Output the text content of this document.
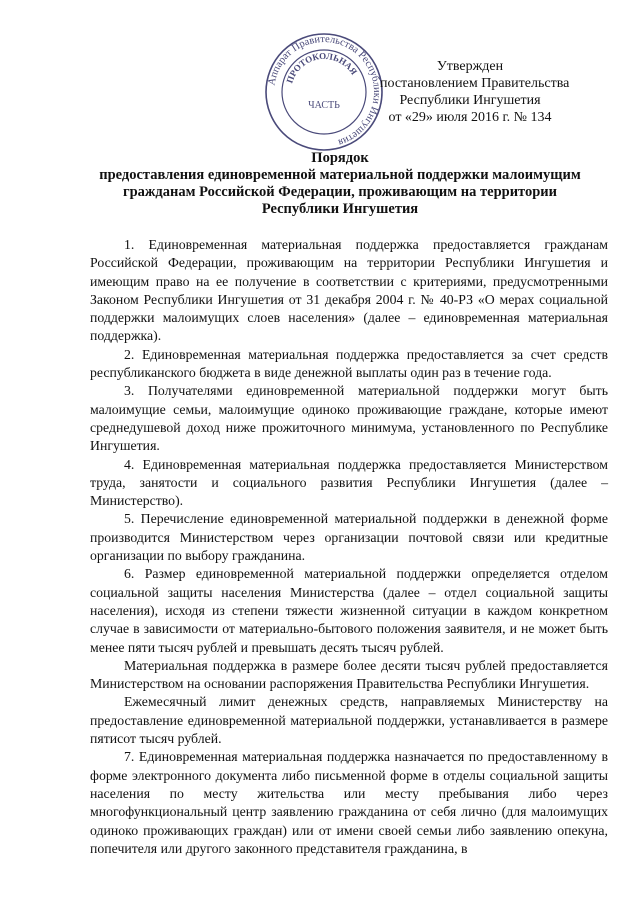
Аппарат Правительства Республики Ингушетия
ПРОТОКОЛЬНАЯ
ЧАСТЬ
Утвержден
постановлением Правительства
Республики Ингушетия
от «29» июля 2016 г. № 134
Порядок
предоставления единовременной материальной поддержки малоимущим
гражданам Российской Федерации, проживающим на территории
Республики Ингушетия

1. Единовременная материальная поддержка предоставляется гражданам Российской Федерации, проживающим на территории Республики Ингушетия и имеющим право на ее получение в соответствии с критериями, предусмотренными Законом Республики Ингушетия от 31 декабря 2004 г. № 40-РЗ «О мерах социальной поддержки малоимущих слоев населения» (далее – единовременная материальная поддержка).

2. Единовременная материальная поддержка предоставляется за счет средств республиканского бюджета в виде денежной выплаты один раз в течение года.

3. Получателями единовременной материальной поддержки могут быть малоимущие семьи, малоимущие одиноко проживающие граждане, которые имеют среднедушевой доход ниже прожиточного минимума, установленного по Республике Ингушетия.

4. Единовременная материальная поддержка предоставляется Министерством труда, занятости и социального развития Республики Ингушетия (далее – Министерство).

5. Перечисление единовременной материальной поддержки в денежной форме производится Министерством через организации почтовой связи или кредитные организации по выбору гражданина.

6. Размер единовременной материальной поддержки определяется отделом социальной защиты населения Министерства (далее – отдел социальной защиты населения), исходя из степени тяжести жизненной ситуации в каждом конкретном случае в зависимости от материально-бытового положения заявителя, и не может быть менее пяти тысяч рублей и превышать десять тысяч рублей.

Материальная поддержка в размере более десяти тысяч рублей предоставляется Министерством на основании распоряжения Правительства Республики Ингушетия.

Ежемесячный лимит денежных средств, направляемых Министерству на предоставление единовременной материальной поддержки, устанавливается в размере пятисот тысяч рублей.

7. Единовременная материальная поддержка назначается по предоставленному в форме электронного документа либо письменной форме в отделы социальной защиты населения по месту жительства или месту пребывания либо через многофункциональный центр заявлению гражданина от себя лично (для малоимущих одиноко проживающих граждан) или от имени своей семьи либо заявлению опекуна, попечителя или другого законного представителя гражданина, в
